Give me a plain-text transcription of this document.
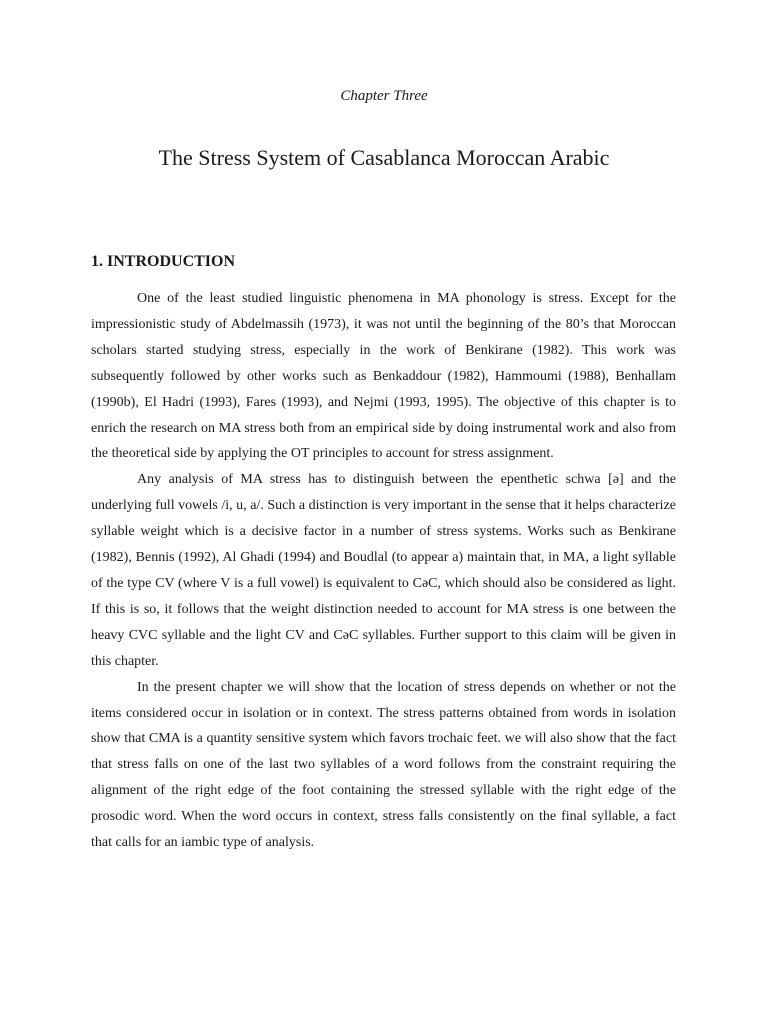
Chapter Three
The Stress System of Casablanca Moroccan Arabic
1. INTRODUCTION

One of the least studied linguistic phenomena in MA phonology is stress. Except for the impressionistic study of Abdelmassih (1973), it was not until the beginning of the 80’s that Moroccan scholars started studying stress, especially in the work of Benkirane (1982). This work was subsequently followed by other works such as Benkaddour (1982), Hammoumi (1988), Benhallam (1990b), El Hadri (1993), Fares (1993), and Nejmi (1993, 1995). The objective of this chapter is to enrich the research on MA stress both from an empirical side by doing instrumental work and also from the theoretical side by applying the OT principles to account for stress assignment.

Any analysis of MA stress has to distinguish between the epenthetic schwa [ə] and the underlying full vowels /i, u, a/. Such a distinction is very important in the sense that it helps characterize syllable weight which is a decisive factor in a number of stress systems. Works such as Benkirane (1982), Bennis (1992), Al Ghadi (1994) and Boudlal (to appear a) maintain that, in MA, a light syllable of the type CV (where V is a full vowel) is equivalent to CəC, which should also be considered as light. If this is so, it follows that the weight distinction needed to account for MA stress is one between the heavy CVC syllable and the light CV and CəC syllables. Further support to this claim will be given in this chapter.

In the present chapter we will show that the location of stress depends on whether or not the items considered occur in isolation or in context. The stress patterns obtained from words in isolation show that CMA is a quantity sensitive system which favors trochaic feet. we will also show that the fact that stress falls on one of the last two syllables of a word follows from the constraint requiring the alignment of the right edge of the foot containing the stressed syllable with the right edge of the prosodic word. When the word occurs in context, stress falls consistently on the final syllable, a fact that calls for an iambic type of analysis.
